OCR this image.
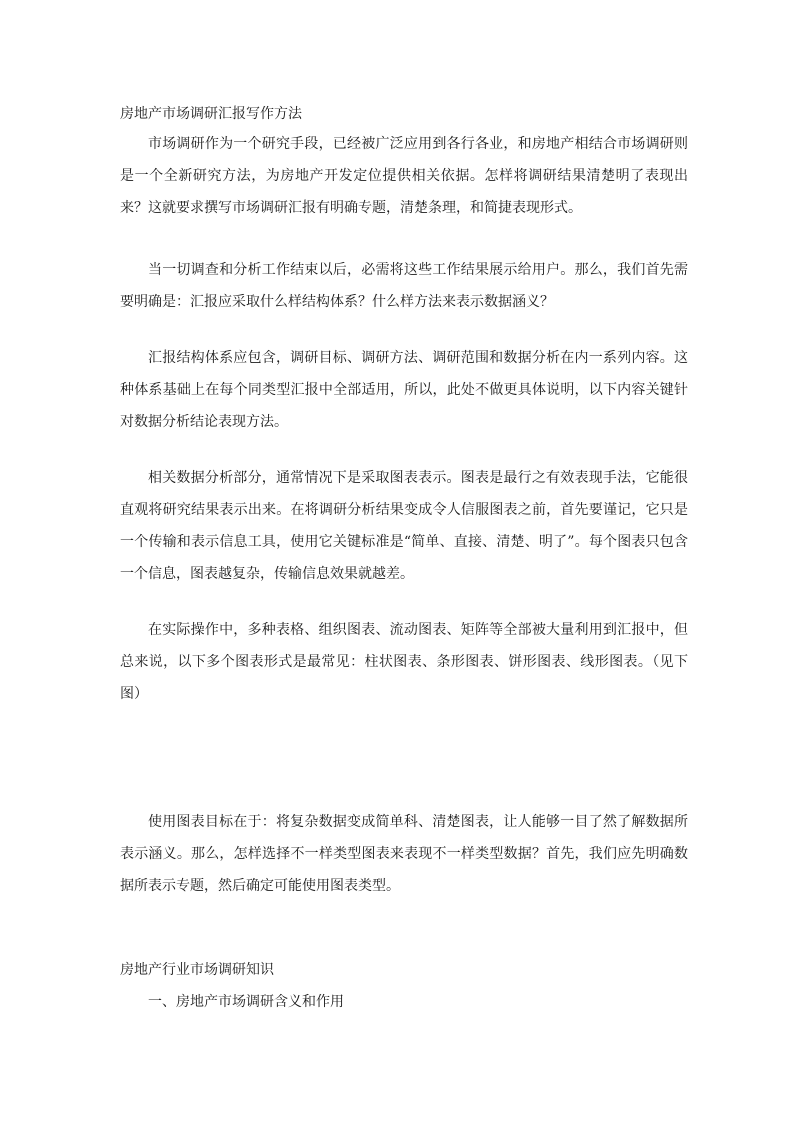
房地产市场调研汇报写作方法

市场调研作为一个研究手段，已经被广泛应用到各行各业，和房地产相结合市场调研则是一个全新研究方法，为房地产开发定位提供相关依据。怎样将调研结果清楚明了表现出来？这就要求撰写市场调研汇报有明确专题，清楚条理，和简捷表现形式。

当一切调查和分析工作结束以后，必需将这些工作结果展示给用户。那么，我们首先需要明确是：汇报应采取什么样结构体系？什么样方法来表示数据涵义？

汇报结构体系应包含，调研目标、调研方法、调研范围和数据分析在内一系列内容。这种体系基础上在每个同类型汇报中全部适用，所以，此处不做更具体说明，以下内容关键针对数据分析结论表现方法。

相关数据分析部分，通常情况下是采取图表表示。图表是最行之有效表现手法，它能很直观将研究结果表示出来。在将调研分析结果变成令人信服图表之前，首先要谨记，它只是一个传输和表示信息工具，使用它关键标准是“简单、直接、清楚、明了”。每个图表只包含一个信息，图表越复杂，传输信息效果就越差。

在实际操作中，多种表格、组织图表、流动图表、矩阵等全部被大量利用到汇报中，但总来说，以下多个图表形式是最常见：柱状图表、条形图表、饼形图表、线形图表。（见下图）

使用图表目标在于：将复杂数据变成简单科、清楚图表，让人能够一目了然了解数据所表示涵义。那么，怎样选择不一样类型图表来表现不一样类型数据？首先，我们应先明确数据所表示专题，然后确定可能使用图表类型。

房地产行业市场调研知识
一、房地产市场调研含义和作用
